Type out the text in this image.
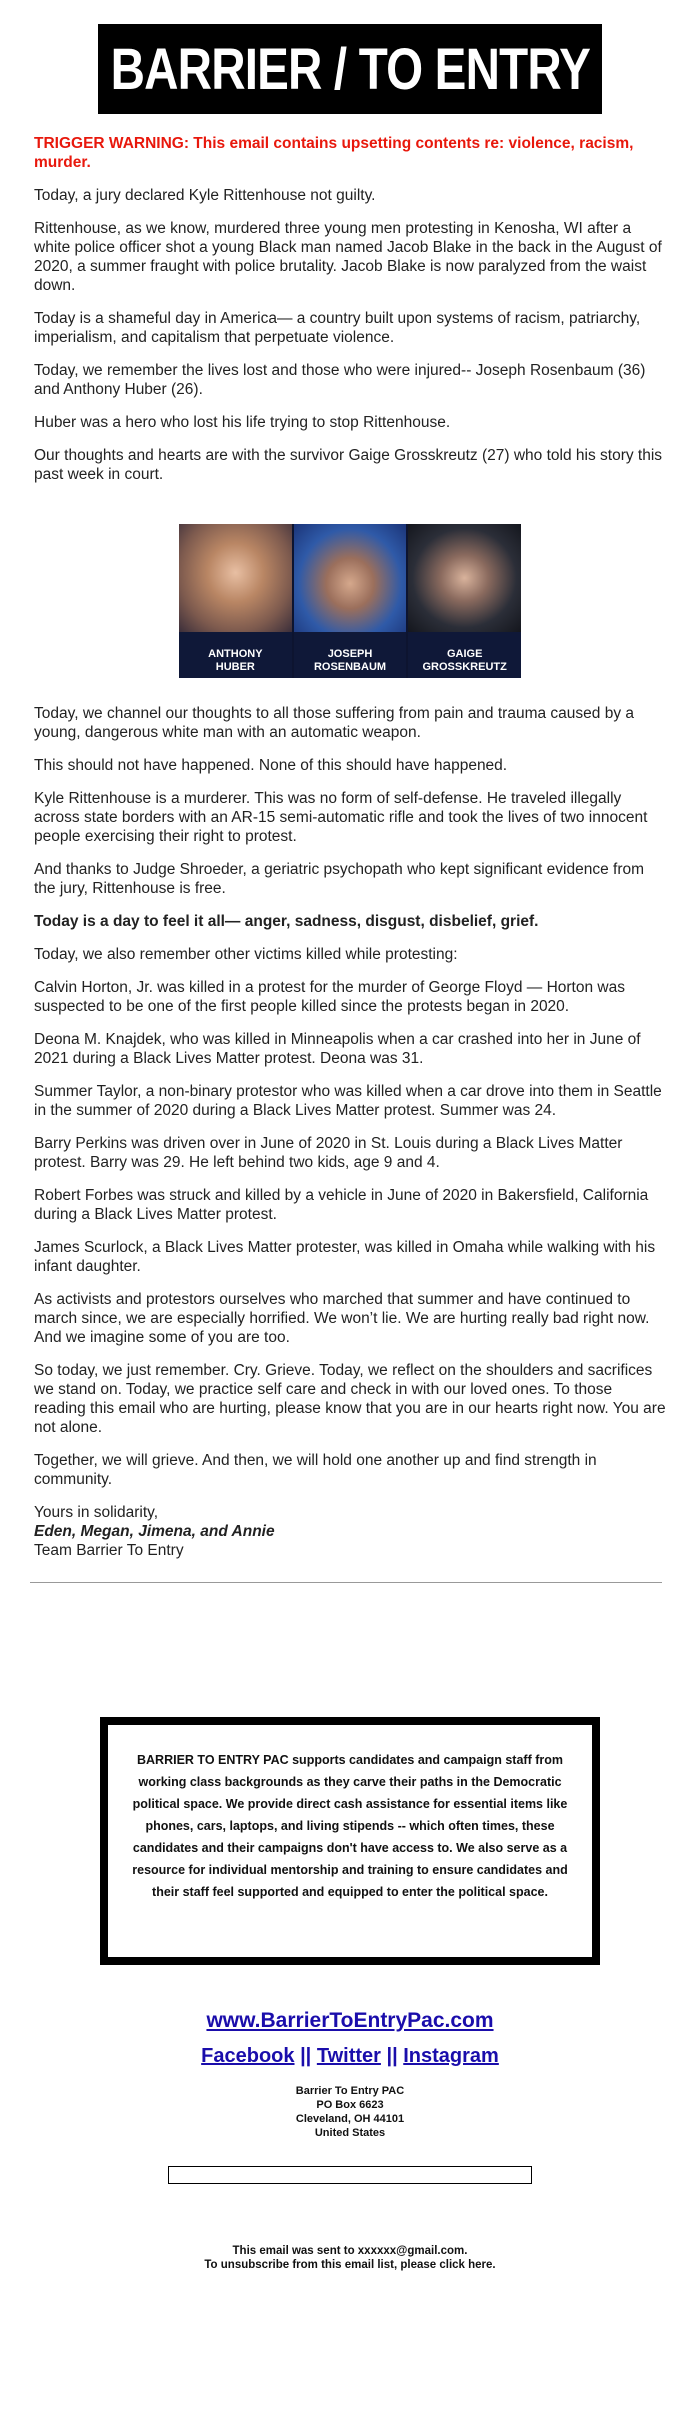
BARRIER / TO ENTRY
TRIGGER WARNING: This email contains upsetting contents re: violence, racism, murder.

Today, a jury declared Kyle Rittenhouse not guilty.

Rittenhouse, as we know, murdered three young men protesting in Kenosha, WI after a white police officer shot a young Black man named Jacob Blake in the back in the August of 2020, a summer fraught with police brutality. Jacob Blake is now paralyzed from the waist down.

Today is a shameful day in America— a country built upon systems of racism, patriarchy, imperialism, and capitalism that perpetuate violence.

Today, we remember the lives lost and those who were injured-- Joseph Rosenbaum (36) and Anthony Huber (26).

Huber was a hero who lost his life trying to stop Rittenhouse.

Our thoughts and hearts are with the survivor Gaige Grosskreutz (27) who told his story this past week in court.

ANTHONY
HUBER
JOSEPH
ROSENBAUM
GAIGE
GROSSKREUTZ

Today, we channel our thoughts to all those suffering from pain and trauma caused by a young, dangerous white man with an automatic weapon.

This should not have happened. None of this should have happened.

Kyle Rittenhouse is a murderer. This was no form of self-defense. He traveled illegally across state borders with an AR-15 semi-automatic rifle and took the lives of two innocent people exercising their right to protest.

And thanks to Judge Shroeder, a geriatric psychopath who kept significant evidence from the jury, Rittenhouse is free.

Today is a day to feel it all— anger, sadness, disgust, disbelief, grief.

Today, we also remember other victims killed while protesting:

Calvin Horton, Jr. was killed in a protest for the murder of George Floyd — Horton was suspected to be one of the first people killed since the protests began in 2020.

Deona M. Knajdek, who was killed in Minneapolis when a car crashed into her in June of 2021 during a Black Lives Matter protest. Deona was 31.

Summer Taylor, a non-binary protestor who was killed when a car drove into them in Seattle in the summer of 2020 during a Black Lives Matter protest. Summer was 24.

Barry Perkins was driven over in June of 2020 in St. Louis during a Black Lives Matter protest. Barry was 29. He left behind two kids, age 9 and 4.

Robert Forbes was struck and killed by a vehicle in June of 2020 in Bakersfield, California during a Black Lives Matter protest.

James Scurlock, a Black Lives Matter protester, was killed in Omaha while walking with his infant daughter.

As activists and protestors ourselves who marched that summer and have continued to march since, we are especially horrified. We won’t lie. We are hurting really bad right now. And we imagine some of you are too.

So today, we just remember. Cry. Grieve. Today, we reflect on the shoulders and sacrifices we stand on. Today, we practice self care and check in with our loved ones. To those reading this email who are hurting, please know that you are in our hearts right now. You are not alone.

Together, we will grieve. And then, we will hold one another up and find strength in community.

Yours in solidarity,

Eden, Megan, Jimena, and Annie

Team Barrier To Entry

BARRIER TO ENTRY PAC supports candidates and campaign staff from working class backgrounds as they carve their paths in the Democratic political space. We provide direct cash assistance for essential items like phones, cars, laptops, and living stipends -- which often times, these candidates and their campaigns don't have access to. We also serve as a resource for individual mentorship and training to ensure candidates and their staff feel supported and equipped to enter the political space.

www.BarrierToEntryPac.com
Facebook || Twitter || Instagram
Barrier To Entry PAC
PO Box 6623
Cleveland, OH 44101
United States
This email was sent to xxxxxx@gmail.com.
To unsubscribe from this email list, please click here.
